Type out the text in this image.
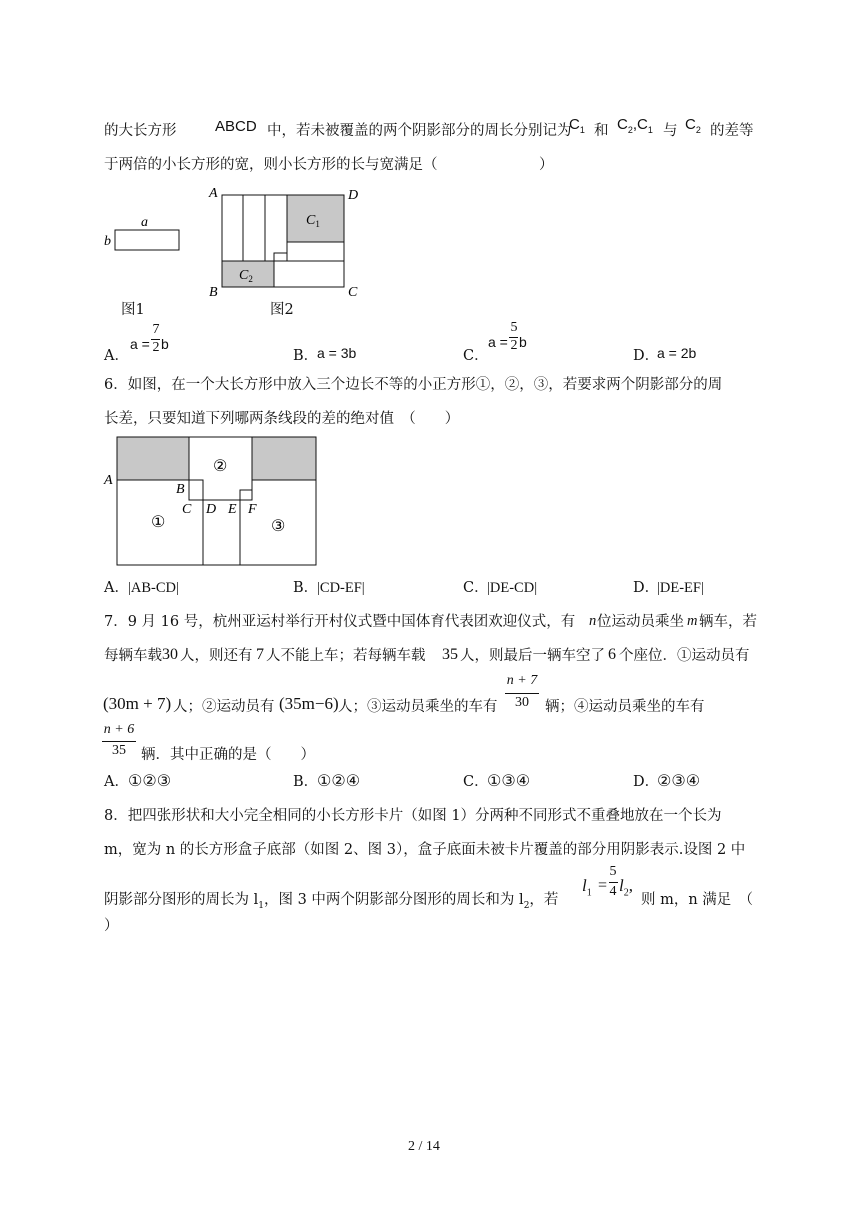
的大长方形	ABCD 中，若未被覆盖的两个阴影部分的周长分别记为
$C_1$ 和 $C_2,C_1$ 与 $C_2$ 的差等
于两倍的小长方形的宽，则小长方形的长与宽满足（　　　　　　　）
a
b
图1
A	D
B	C
$C_1$
$C_2$
图2
A．
a =
7
2 b
B．
a = 3b	C．
a =
5
2 b
D．
a = 2b
6．如图，在一个大长方形中放入三个边长不等的小正方形①，②，③，若要求两个阴影部分的周
长差，只要知道下列哪两条线段的差的绝对值　（　　）
A
B
C D E F
①
②
③
A． |AB-CD|	B．
|CD-EF|	C．
|DE-CD|	D．
|DE-EF|
7．9 月 16 号，杭州亚运村举行开村仪式暨中国体育代表团欢迎仪式，有 n 位运动员乘坐 m 辆车，若
每辆车载 30 人，则还有 7 人不能上车；若每辆车载 35 人，则最后一辆车空了 6 个座位．①运动员有
(30m + 7) 人；②运动员有 (35m−6) 人；③运动员乘坐的车有
n + 7
30	辆；④运动员乘坐的车有
n + 6
35	辆．其中正确的是（　　）
A． ①②③	B．
①②④	C．
①③④	D．
②③④
8．把四张形状和大小完全相同的小长方形卡片（如图 1）分两种不同形式不重叠地放在一个长为
m，宽为 n 的长方形盒子底部（如图 2、图 3），盒子底面未被卡片覆盖的部分用阴影表示.设图 2 中
阴影部分图形的周长为 $l_1$，图 3 中两个阴影部分图形的周长和为 $l_2$，若
$l_1$ =
5
4 $l_2$,
则 m，n 满足　（
）
2 / 14
